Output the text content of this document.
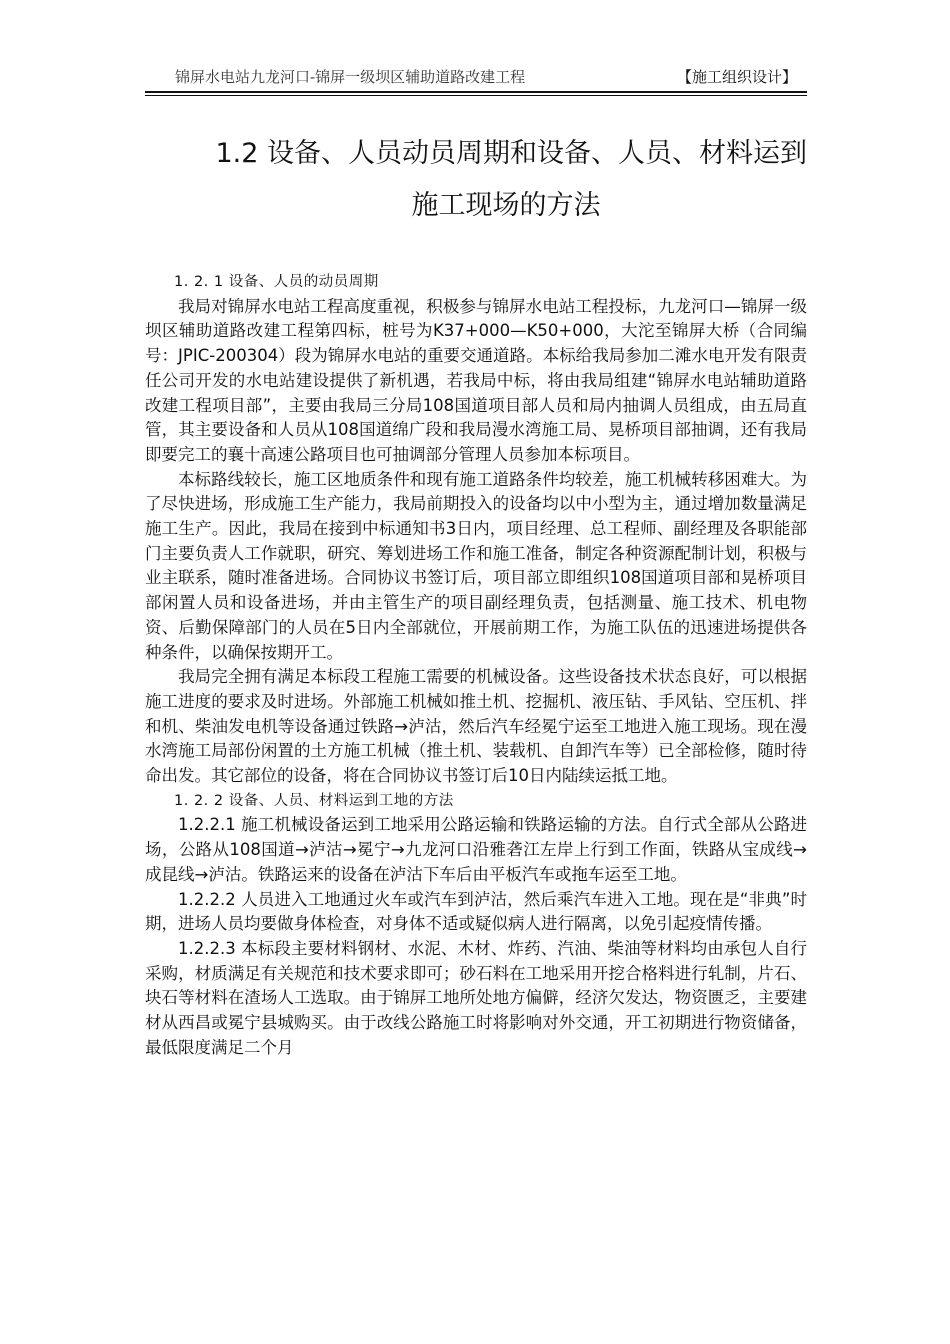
锦屏水电站九龙河口-锦屏一级坝区辅助道路改建工程	【施工组织设计】
1.2 设备、人员动员周期和设备、人员、材料运到
施工现场的方法

1. 2. 1 设备、人员的动员周期

我局对锦屏水电站工程高度重视，积极参与锦屏水电站工程投标，九龙河口—锦屏一级坝区辅助道路改建工程第四标，桩号为K37+000—K50+000，大沱至锦屏大桥（合同编号：JPIC-200304）段为锦屏水电站的重要交通道路。本标给我局参加二滩水电开发有限责任公司开发的水电站建设提供了新机遇，若我局中标，将由我局组建“锦屏水电站辅助道路改建工程项目部”，主要由我局三分局108国道项目部人员和局内抽调人员组成，由五局直管，其主要设备和人员从108国道绵广段和我局漫水湾施工局、晃桥项目部抽调，还有我局即要完工的襄十高速公路项目也可抽调部分管理人员参加本标项目。

本标路线较长，施工区地质条件和现有施工道路条件均较差，施工机械转移困难大。为了尽快进场，形成施工生产能力，我局前期投入的设备均以中小型为主，通过增加数量满足施工生产。因此，我局在接到中标通知书3日内，项目经理、总工程师、副经理及各职能部门主要负责人工作就职，研究、筹划进场工作和施工准备，制定各种资源配制计划，积极与业主联系，随时准备进场。合同协议书签订后，项目部立即组织108国道项目部和晃桥项目部闲置人员和设备进场，并由主管生产的项目副经理负责，包括测量、施工技术、机电物资、后勤保障部门的人员在5日内全部就位，开展前期工作，为施工队伍的迅速进场提供各种条件，以确保按期开工。

我局完全拥有满足本标段工程施工需要的机械设备。这些设备技术状态良好，可以根据施工进度的要求及时进场。外部施工机械如推土机、挖掘机、液压钻、手风钻、空压机、拌和机、柴油发电机等设备通过铁路→泸沽，然后汽车经冕宁运至工地进入施工现场。现在漫水湾施工局部份闲置的土方施工机械（推土机、装载机、自卸汽车等）已全部检修，随时待命出发。其它部位的设备，将在合同协议书签订后10日内陆续运抵工地。

1. 2. 2 设备、人员、材料运到工地的方法

1.2.2.1 施工机械设备运到工地采用公路运输和铁路运输的方法。自行式全部从公路进场，公路从108国道→泸沽→冕宁→九龙河口沿雅砻江左岸上行到工作面，铁路从宝成线→成昆线→泸沽。铁路运来的设备在泸沽下车后由平板汽车或拖车运至工地。

1.2.2.2 人员进入工地通过火车或汽车到泸沽，然后乘汽车进入工地。现在是“非典”时期，进场人员均要做身体检查，对身体不适或疑似病人进行隔离，以免引起疫情传播。

1.2.2.3 本标段主要材料钢材、水泥、木材、炸药、汽油、柴油等材料均由承包人自行采购，材质满足有关规范和技术要求即可；砂石料在工地采用开挖合格料进行轧制，片石、块石等材料在渣场人工选取。由于锦屏工地所处地方偏僻，经济欠发达，物资匮乏，主要建材从西昌或冕宁县城购买。由于改线公路施工时将影响对外交通，开工初期进行物资储备，最低限度满足二个月
